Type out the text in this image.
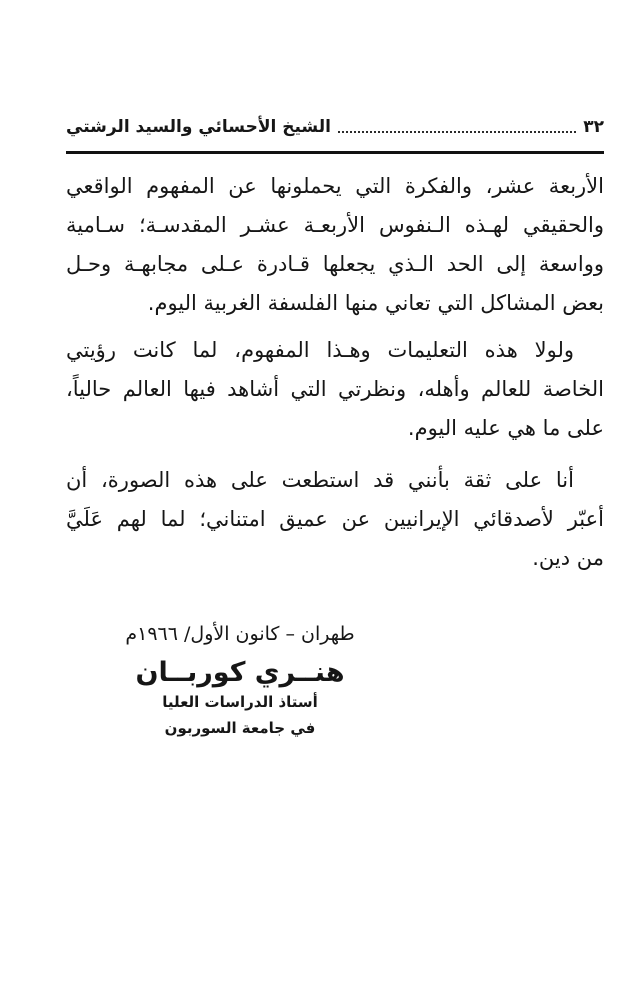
٣٢
الشيخ الأحسائي والسيد الرشتي
الأربعة عشر، والفكرة التي يحملونها عن المفهوم الواقعي
والحقيقي لهـذه الـنفوس الأربعـة عشـر المقدسـة؛ سـامية
وواسعة إلى الحد الـذي يجعلها قـادرة عـلى مجابهـة وحـل
بعض المشاكل التي تعاني منها الفلسفة الغربية اليوم.
ولولا هذه التعليمات وهـذا المفهوم، لما كانت رؤيتي
الخاصة للعالم وأهله، ونظرتي التي أشاهد فيها العالم حالياً،
على ما هي عليه اليوم.
أنا على ثقة بأنني قد استطعت على هذه الصورة، أن
أعبّر لأصدقائي الإيرانيين عن عميق امتناني؛ لما لهم عَلَيَّ
من دين.
طهران – كانون الأول/ ١٩٦٦م
هنــري كوربــان
أستاذ الدراسات العليا
في جامعة السوربون
